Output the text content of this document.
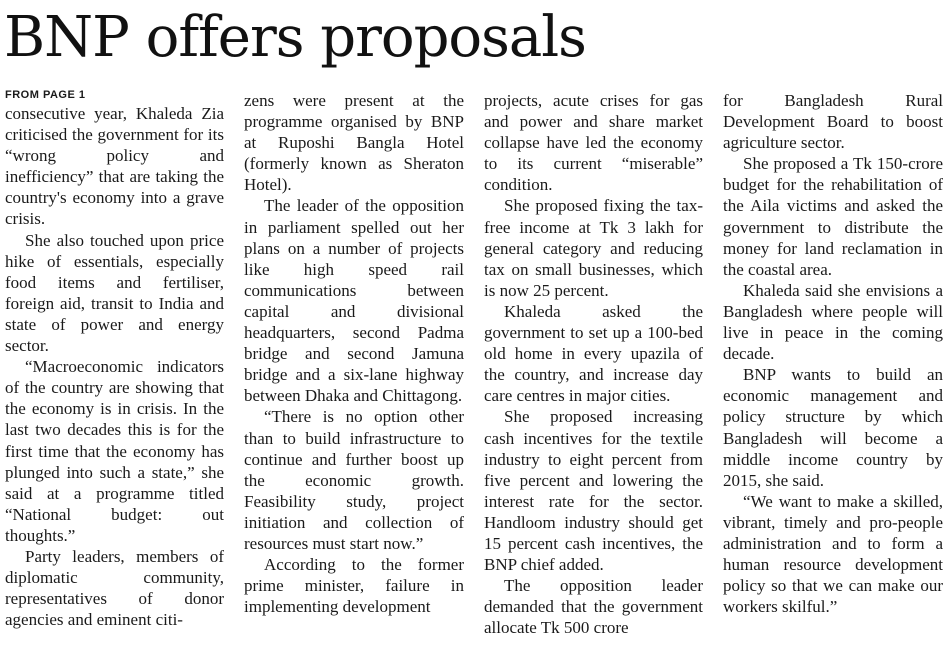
BNP offers proposals
FROM PAGE 1

consecutive year, Khaleda Zia criticised the government for its “wrong policy and inefficiency” that are taking the country's economy into a grave crisis.

She also touched upon price hike of essentials, especially food items and fertiliser, foreign aid, transit to India and state of power and energy sector.

“Macroeconomic indicators of the country are showing that the economy is in crisis. In the last two decades this is for the first time that the economy has plunged into such a state,” she said at a programme titled “National budget: out thoughts.”

Party leaders, members of diplomatic community, representatives of donor agencies and eminent citi-

zens were present at the programme organised by BNP at Ruposhi Bangla Hotel (formerly known as Sheraton Hotel).

The leader of the opposition in parliament spelled out her plans on a number of projects like high speed rail communications between capital and divisional headquarters, second Padma bridge and second Jamuna bridge and a six-lane highway between Dhaka and Chittagong.

“There is no option other than to build infrastructure to continue and further boost up the economic growth. Feasibility study, project initiation and collection of resources must start now.”

According to the former prime minister, failure in implementing development

projects, acute crises for gas and power and share market collapse have led the economy to its current “miserable” condition.

She proposed fixing the tax-free income at Tk 3 lakh for general category and reducing tax on small businesses, which is now 25 percent.

Khaleda asked the government to set up a 100-bed old home in every upazila of the country, and increase day care centres in major cities.

She proposed increasing cash incentives for the textile industry to eight percent from five percent and lowering the interest rate for the sector. Handloom industry should get 15 percent cash incentives, the BNP chief added.

The opposition leader demanded that the government allocate Tk 500 crore

for Bangladesh Rural Development Board to boost agriculture sector.

She proposed a Tk 150-crore budget for the rehabilitation of the Aila victims and asked the government to distribute the money for land reclamation in the coastal area.

Khaleda said she envisions a Bangladesh where people will live in peace in the coming decade.

BNP wants to build an economic management and policy structure by which Bangladesh will become a middle income country by 2015, she said.

“We want to make a skilled, vibrant, timely and pro-people administration and to form a human resource development policy so that we can make our workers skilful.”
